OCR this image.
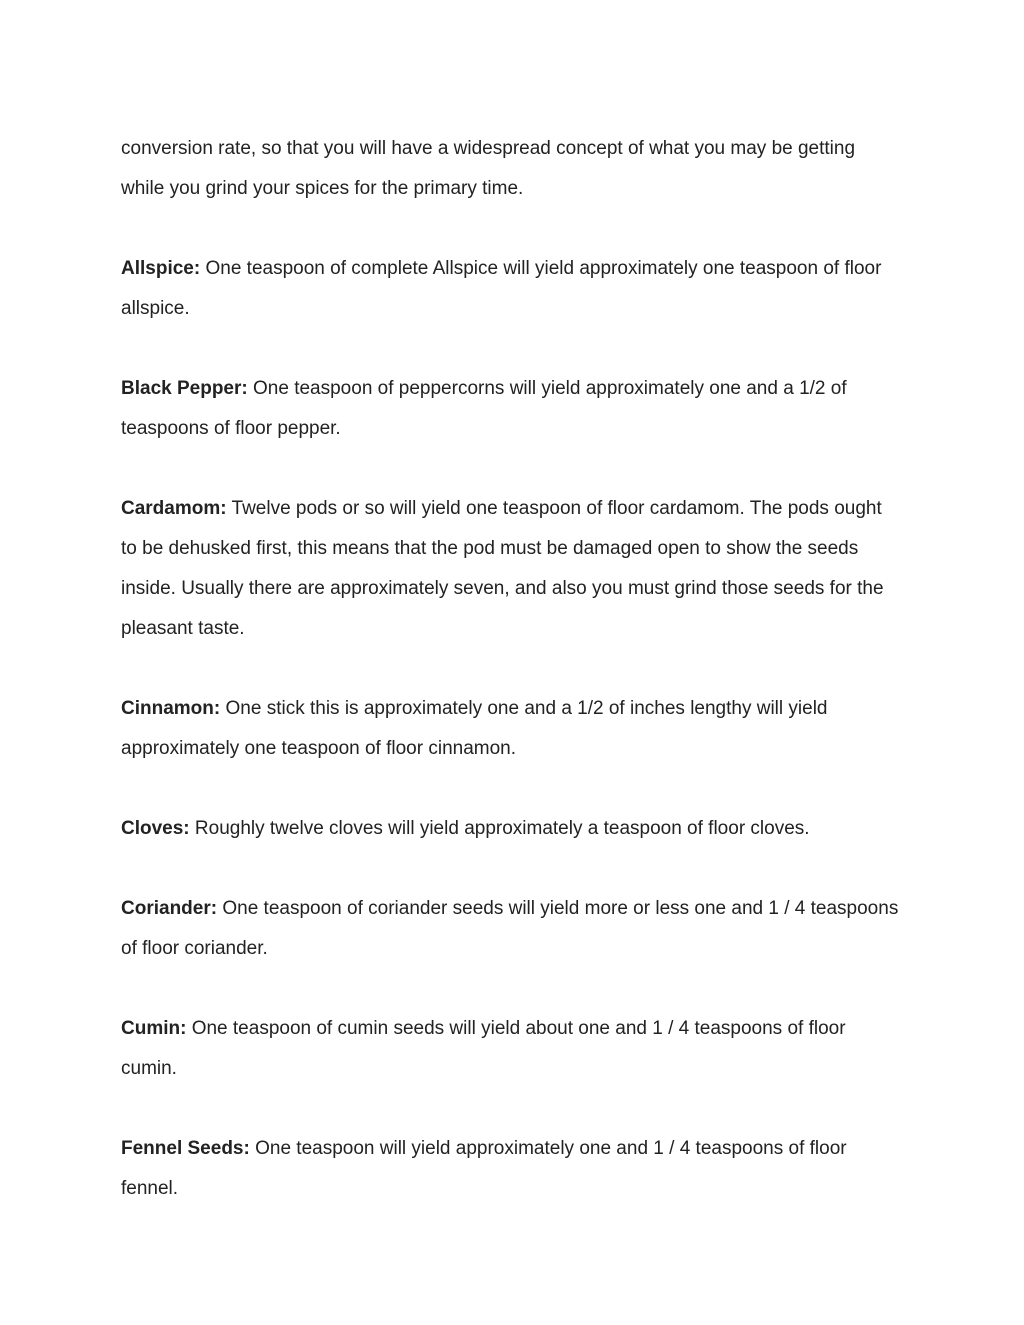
conversion rate, so that you will have a widespread concept of what you may be getting while you grind your spices for the primary time.

Allspice: One teaspoon of complete Allspice will yield approximately one teaspoon of floor allspice.

Black Pepper: One teaspoon of peppercorns will yield approximately one and a 1/2 of teaspoons of floor pepper.

Cardamom: Twelve pods or so will yield one teaspoon of floor cardamom. The pods ought to be dehusked first, this means that the pod must be damaged open to show the seeds inside. Usually there are approximately seven, and also you must grind those seeds for the pleasant taste.

Cinnamon: One stick this is approximately one and a 1/2 of inches lengthy will yield approximately one teaspoon of floor cinnamon.

Cloves: Roughly twelve cloves will yield approximately a teaspoon of floor cloves.

Coriander: One teaspoon of coriander seeds will yield more or less one and 1 / 4 teaspoons of floor coriander.

Cumin: One teaspoon of cumin seeds will yield about one and 1 / 4 teaspoons of floor cumin.

Fennel Seeds: One teaspoon will yield approximately one and 1 / 4 teaspoons of floor fennel.
